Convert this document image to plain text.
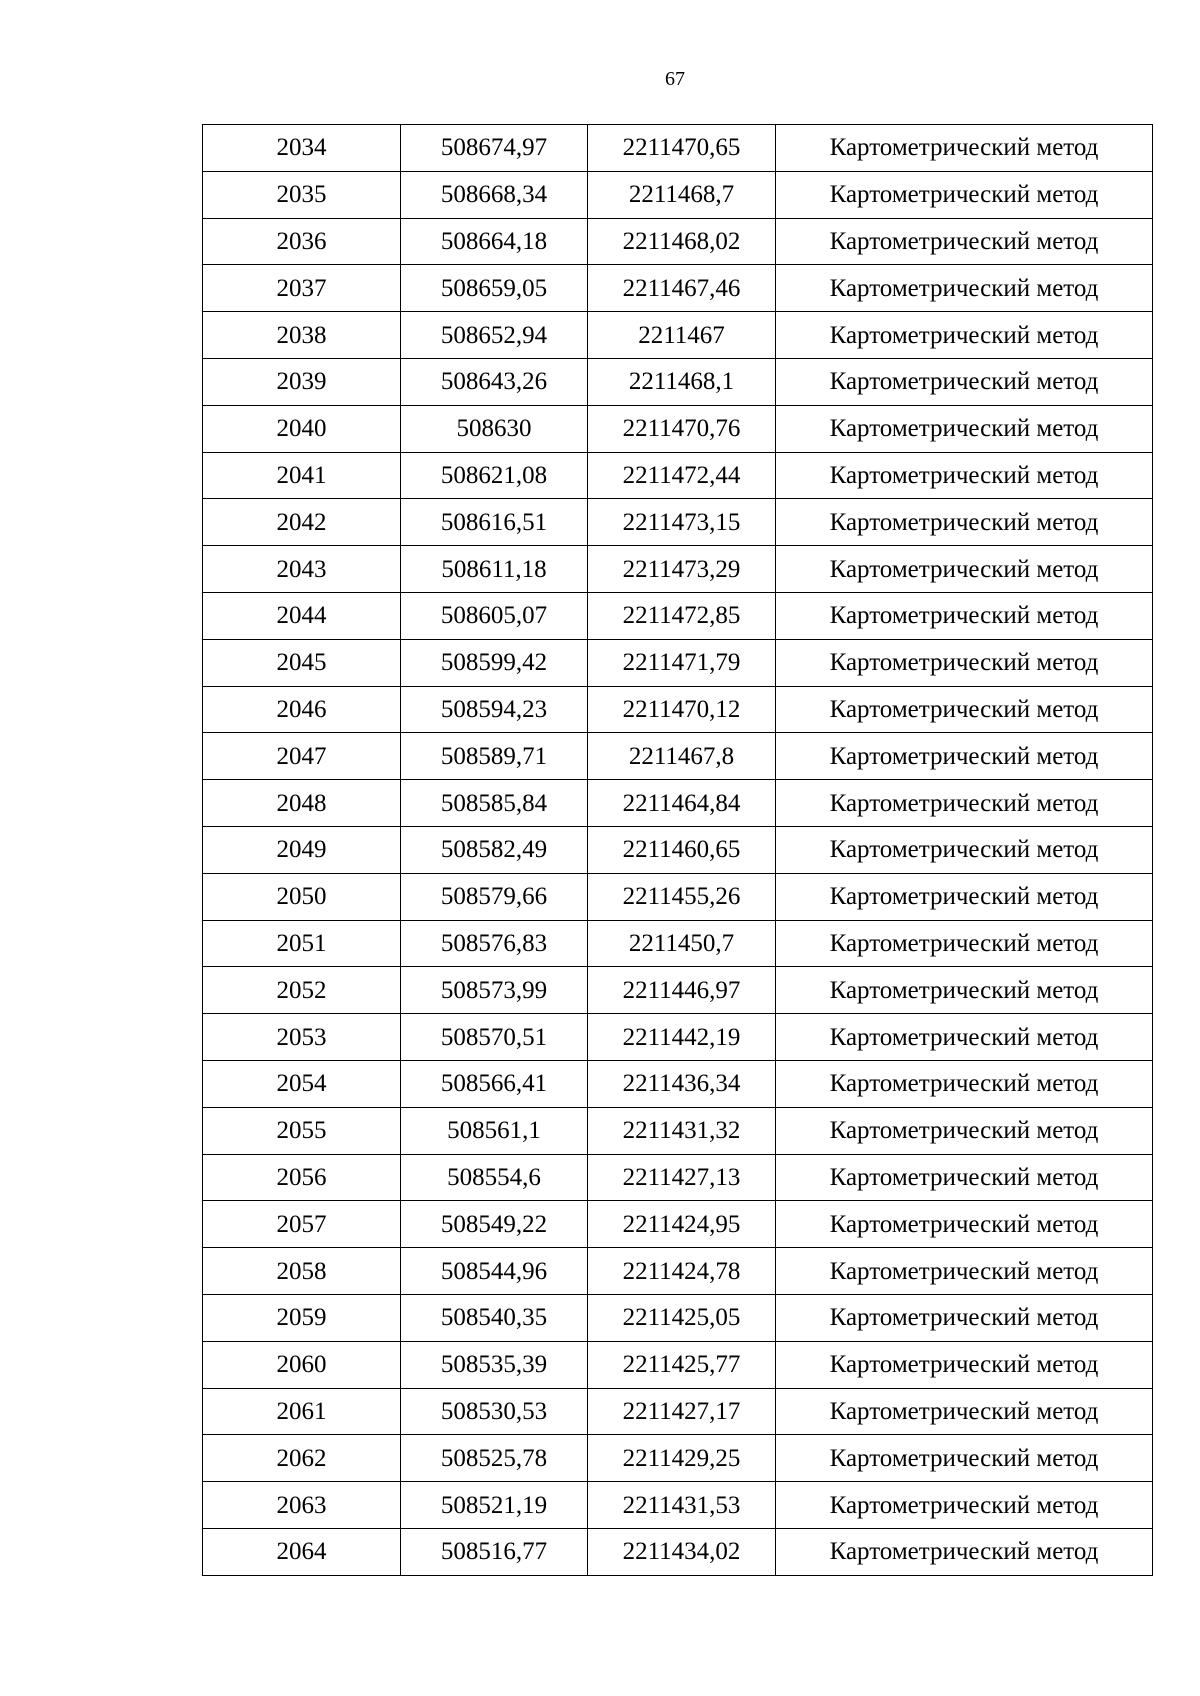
67
2034	508674,97	2211470,65	Картометрический метод
2035	508668,34	2211468,7	Картометрический метод
2036	508664,18	2211468,02	Картометрический метод
2037	508659,05	2211467,46	Картометрический метод
2038	508652,94	2211467	Картометрический метод
2039	508643,26	2211468,1	Картометрический метод
2040	508630	2211470,76	Картометрический метод
2041	508621,08	2211472,44	Картометрический метод
2042	508616,51	2211473,15	Картометрический метод
2043	508611,18	2211473,29	Картометрический метод
2044	508605,07	2211472,85	Картометрический метод
2045	508599,42	2211471,79	Картометрический метод
2046	508594,23	2211470,12	Картометрический метод
2047	508589,71	2211467,8	Картометрический метод
2048	508585,84	2211464,84	Картометрический метод
2049	508582,49	2211460,65	Картометрический метод
2050	508579,66	2211455,26	Картометрический метод
2051	508576,83	2211450,7	Картометрический метод
2052	508573,99	2211446,97	Картометрический метод
2053	508570,51	2211442,19	Картометрический метод
2054	508566,41	2211436,34	Картометрический метод
2055	508561,1	2211431,32	Картометрический метод
2056	508554,6	2211427,13	Картометрический метод
2057	508549,22	2211424,95	Картометрический метод
2058	508544,96	2211424,78	Картометрический метод
2059	508540,35	2211425,05	Картометрический метод
2060	508535,39	2211425,77	Картометрический метод
2061	508530,53	2211427,17	Картометрический метод
2062	508525,78	2211429,25	Картометрический метод
2063	508521,19	2211431,53	Картометрический метод
2064	508516,77	2211434,02	Картометрический метод
